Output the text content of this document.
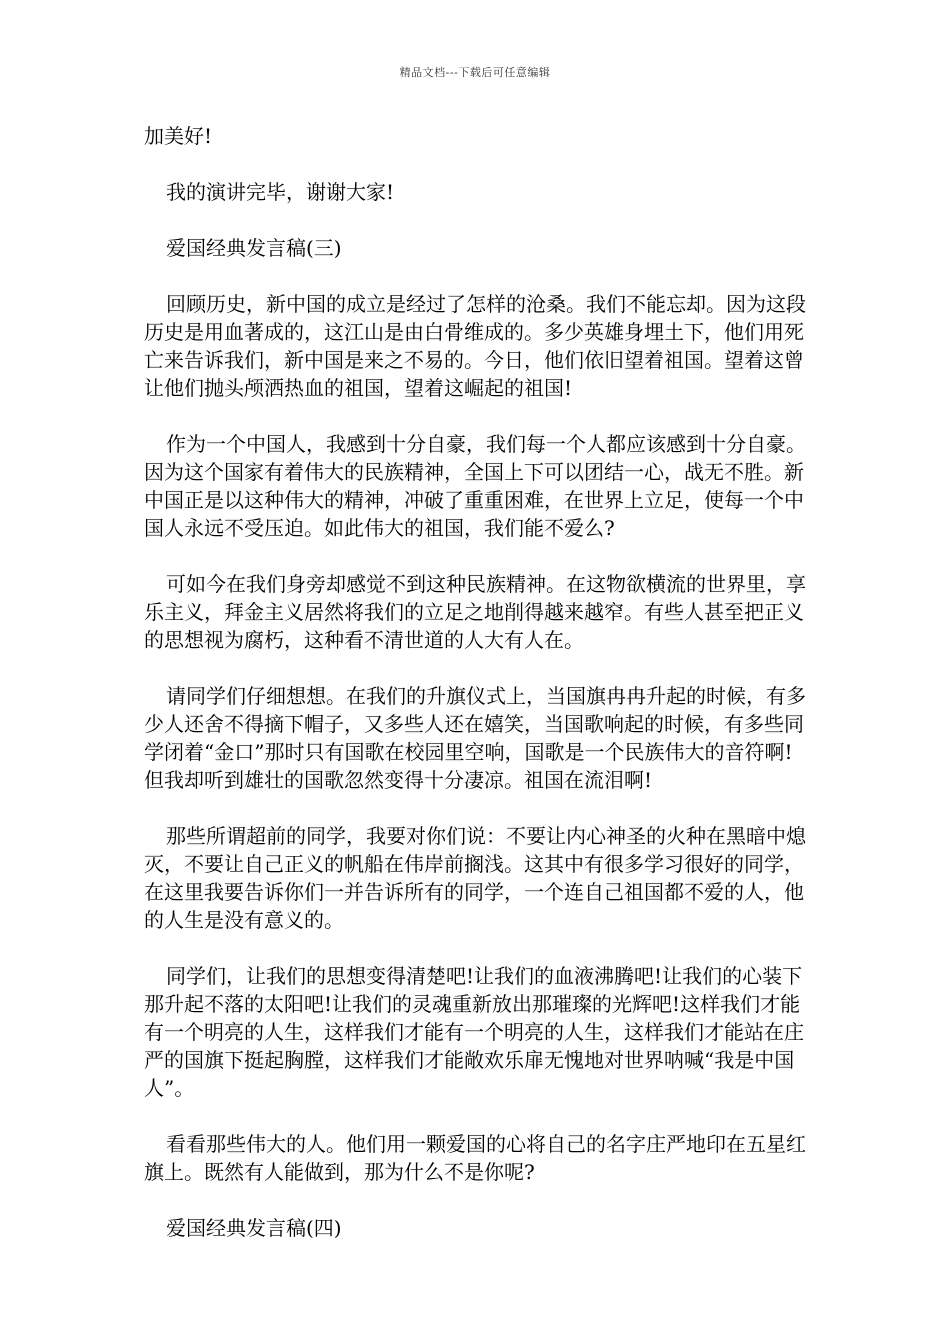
精品文档---下载后可任意编辑

加美好!

我的演讲完毕，谢谢大家!

爱国经典发言稿(三)

回顾历史，新中国的成立是经过了怎样的沧桑。我们不能忘却。因为这段历史是用血著成的，这江山是由白骨维成的。多少英雄身埋土下，他们用死亡来告诉我们，新中国是来之不易的。今日，他们依旧望着祖国。望着这曾让他们抛头颅洒热血的祖国，望着这崛起的祖国!

作为一个中国人，我感到十分自豪，我们每一个人都应该感到十分自豪。因为这个国家有着伟大的民族精神，全国上下可以团结一心，战无不胜。新中国正是以这种伟大的精神，冲破了重重困难，在世界上立足，使每一个中国人永远不受压迫。如此伟大的祖国，我们能不爱么?

可如今在我们身旁却感觉不到这种民族精神。在这物欲横流的世界里，享乐主义，拜金主义居然将我们的立足之地削得越来越窄。有些人甚至把正义的思想视为腐朽，这种看不清世道的人大有人在。

请同学们仔细想想。在我们的升旗仪式上，当国旗冉冉升起的时候，有多少人还舍不得摘下帽子，又多些人还在嬉笑，当国歌响起的时候，有多些同学闭着“金口”那时只有国歌在校园里空响，国歌是一个民族伟大的音符啊!但我却听到雄壮的国歌忽然变得十分凄凉。祖国在流泪啊!

那些所谓超前的同学，我要对你们说：不要让内心神圣的火种在黑暗中熄灭，不要让自己正义的帆船在伟岸前搁浅。这其中有很多学习很好的同学，在这里我要告诉你们一并告诉所有的同学，一个连自己祖国都不爱的人，他的人生是没有意义的。

同学们，让我们的思想变得清楚吧!让我们的血液沸腾吧!让我们的心装下那升起不落的太阳吧!让我们的灵魂重新放出那璀璨的光辉吧!这样我们才能有一个明亮的人生，这样我们才能有一个明亮的人生，这样我们才能站在庄严的国旗下挺起胸膛，这样我们才能敞欢乐扉无愧地对世界呐喊“我是中国人”。

看看那些伟大的人。他们用一颗爱国的心将自己的名字庄严地印在五星红旗上。既然有人能做到，那为什么不是你呢?

爱国经典发言稿(四)
